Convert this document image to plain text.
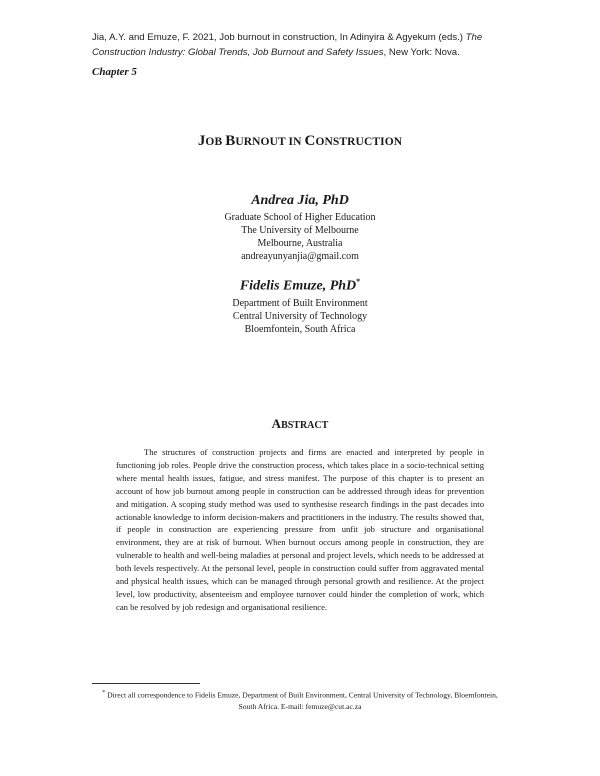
Jia, A.Y. and Emuze, F. 2021, Job burnout in construction, In Adinyira & Agyekum (eds.) The Construction Industry: Global Trends, Job Burnout and Safety Issues, New York: Nova.
Chapter 5
JOB BURNOUT IN CONSTRUCTION
Andrea Jia, PhD
Graduate School of Higher Education
The University of Melbourne
Melbourne, Australia
andreayunyanjia@gmail.com
Fidelis Emuze, PhD*
Department of Built Environment
Central University of Technology
Bloemfontein, South Africa
ABSTRACT
The structures of construction projects and firms are enacted and interpreted by people in functioning job roles. People drive the construction process, which takes place in a socio-technical setting where mental health issues, fatigue, and stress manifest. The purpose of this chapter is to present an account of how job burnout among people in construction can be addressed through ideas for prevention and mitigation. A scoping study method was used to synthesise research findings in the past decades into actionable knowledge to inform decision-makers and practitioners in the industry. The results showed that, if people in construction are experiencing pressure from unfit job structure and organisational environment, they are at risk of burnout. When burnout occurs among people in construction, they are vulnerable to health and well-being maladies at personal and project levels, which needs to be addressed at both levels respectively. At the personal level, people in construction could suffer from aggravated mental and physical health issues, which can be managed through personal growth and resilience. At the project level, low productivity, absenteeism and employee turnover could hinder the completion of work, which can be resolved by job redesign and organisational resilience.
* Direct all correspondence to Fidelis Emuze, Department of Built Environment, Central University of Technology, Bloemfontein, South Africa. E-mail: femuze@cut.ac.za
